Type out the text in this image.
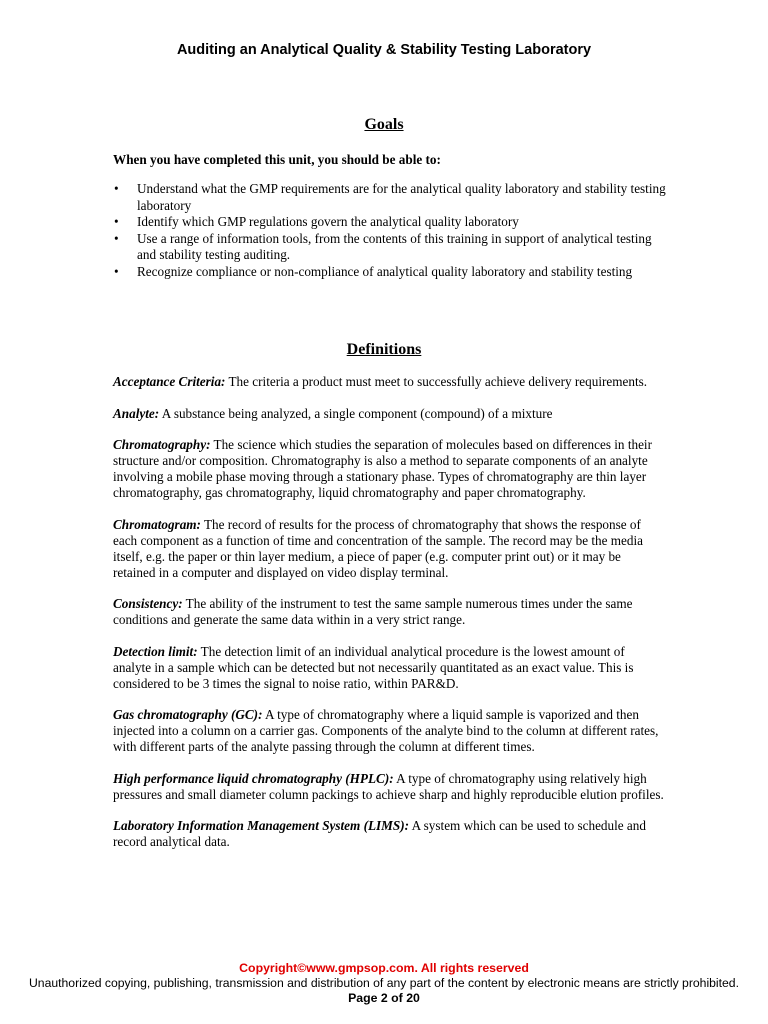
Auditing an Analytical Quality & Stability Testing Laboratory
Goals
When you have completed this unit, you should be able to:
• Understand what the GMP requirements are for the analytical quality laboratory and stability testing laboratory
• Identify which GMP regulations govern the analytical quality laboratory
• Use a range of information tools, from the contents of this training in support of analytical testing and stability testing auditing.
• Recognize compliance or non-compliance of analytical quality laboratory and stability testing
Definitions

Acceptance Criteria: The criteria a product must meet to successfully achieve delivery requirements.

Analyte: A substance being analyzed, a single component (compound) of a mixture

Chromatography: The science which studies the separation of molecules based on differences in their structure and/or composition. Chromatography is also a method to separate components of an analyte involving a mobile phase moving through a stationary phase. Types of chromatography are thin layer chromatography, gas chromatography, liquid chromatography and paper chromatography.

Chromatogram: The record of results for the process of chromatography that shows the response of each component as a function of time and concentration of the sample. The record may be the media itself, e.g. the paper or thin layer medium, a piece of paper (e.g. computer print out) or it may be retained in a computer and displayed on video display terminal.

Consistency: The ability of the instrument to test the same sample numerous times under the same conditions and generate the same data within in a very strict range.

Detection limit: The detection limit of an individual analytical procedure is the lowest amount of analyte in a sample which can be detected but not necessarily quantitated as an exact value. This is considered to be 3 times the signal to noise ratio, within PAR&D.

Gas chromatography (GC): A type of chromatography where a liquid sample is vaporized and then injected into a column on a carrier gas. Components of the analyte bind to the column at different rates, with different parts of the analyte passing through the column at different times.

High performance liquid chromatography (HPLC): A type of chromatography using relatively high pressures and small diameter column packings to achieve sharp and highly reproducible elution profiles.

Laboratory Information Management System (LIMS): A system which can be used to schedule and record analytical data.

Copyright©www.gmpsop.com. All rights reserved
Unauthorized copying, publishing, transmission and distribution of any part of the content by electronic means are strictly prohibited.
Page 2 of 20
